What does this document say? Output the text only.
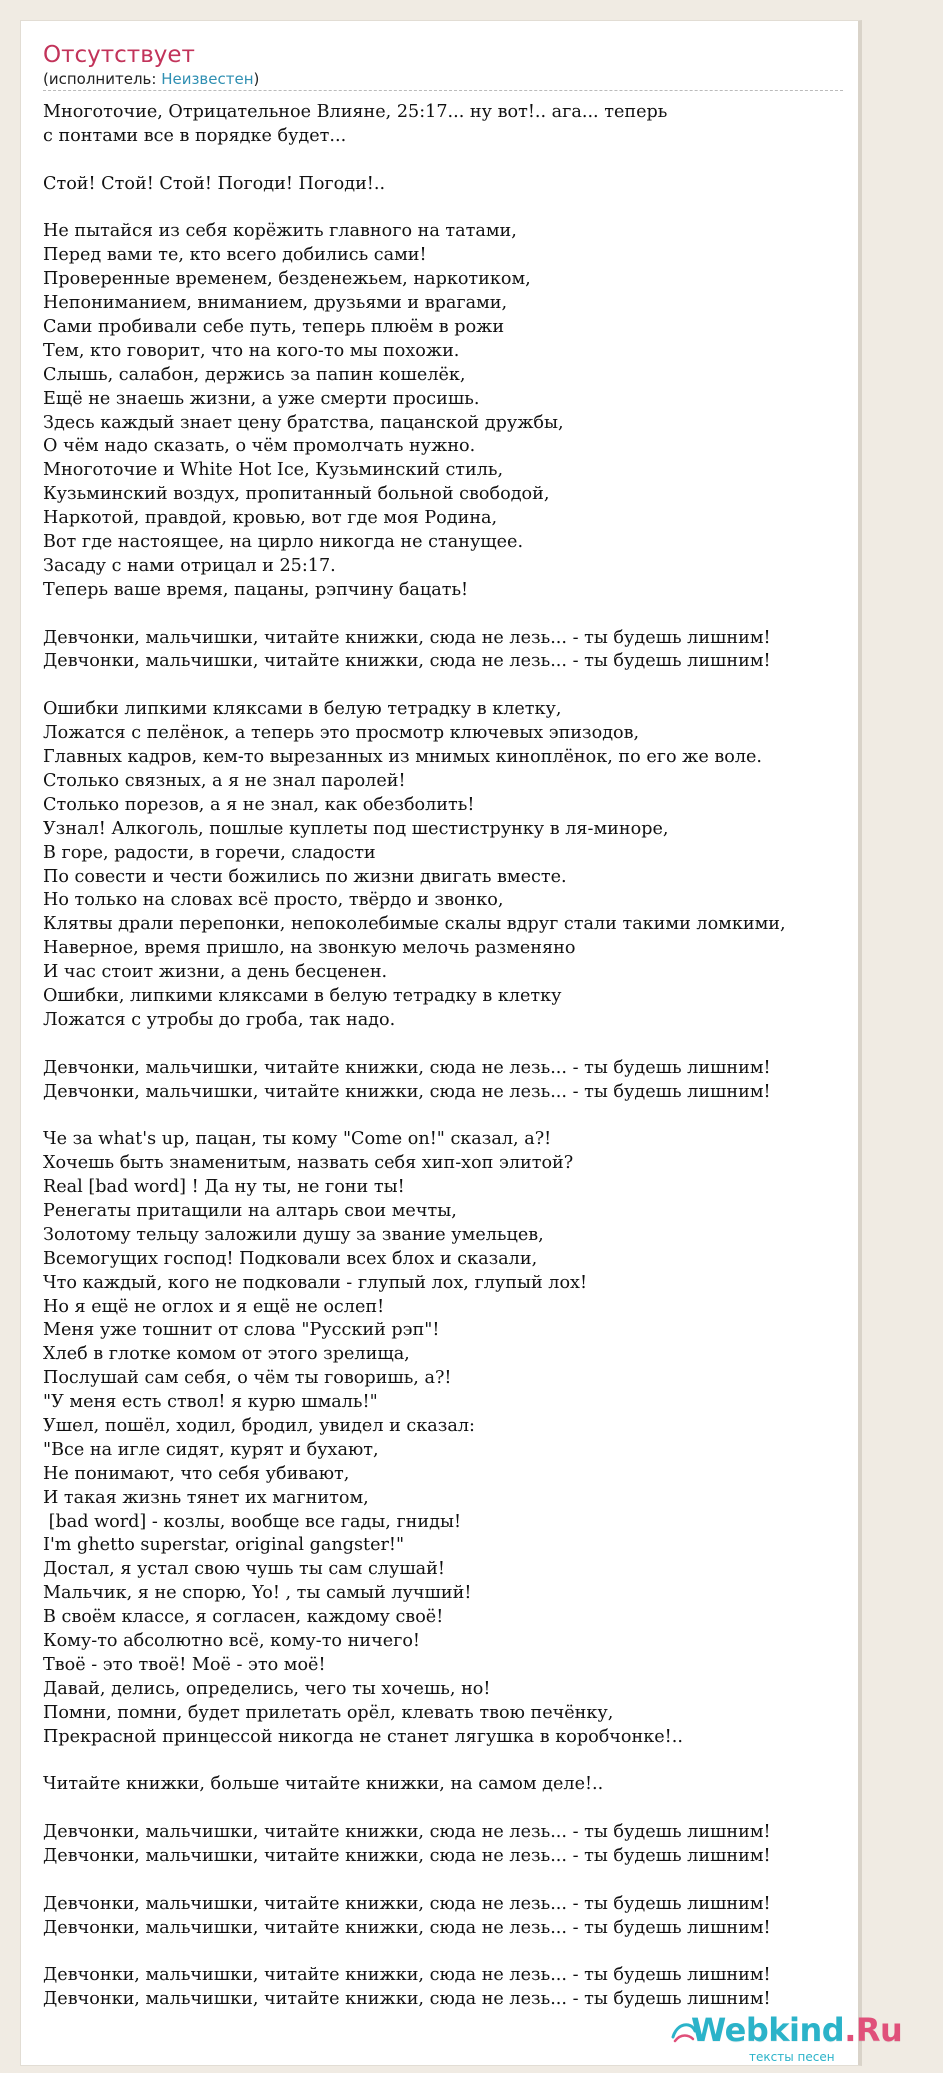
Отсутствует
(исполнитель: Неизвестен)
Многоточие, Отрицательное Влияне, 25:17... ну вот!.. ага... теперь
с понтами все в порядке будет...

Стой! Стой! Стой! Погоди! Погоди!..

Не пытайся из себя корёжить главного на татами,
Перед вами те, кто всего добились сами!
Проверенные временем, безденежьем, наркотиком,
Непониманием, вниманием, друзьями и врагами,
Сами пробивали себе путь, теперь плюём в рожи
Тем, кто говорит, что на кого-то мы похожи.
Слышь, салабон, держись за папин кошелёк,
Ещё не знаешь жизни, а уже смерти просишь.
Здесь каждый знает цену братства, пацанской дружбы,
О чём надо сказать, о чём промолчать нужно.
Многоточие и White Hot Ice, Кузьминский стиль,
Кузьминский воздух, пропитанный больной свободой,
Наркотой, правдой, кровью, вот где моя Родина,
Вот где настоящее, на цирло никогда не станущее.
Засаду с нами отрицал и 25:17.
Теперь ваше время, пацаны, рэпчину бацать!

Девчонки, мальчишки, читайте книжки, сюда не лезь... - ты будешь лишним!
Девчонки, мальчишки, читайте книжки, сюда не лезь... - ты будешь лишним!

Ошибки липкими кляксами в белую тетрадку в клетку,
Ложатся с пелёнок, а теперь это просмотр ключевых эпизодов,
Главных кадров, кем-то вырезанных из мнимых киноплёнок, по его же воле.
Столько связных, а я не знал паролей!
Столько порезов, а я не знал, как обезболить!
Узнал! Алкоголь, пошлые куплеты под шестиструнку в ля-миноре,
В горе, радости, в горечи, сладости
По совести и чести божились по жизни двигать вместе.
Но только на словах всё просто, твёрдо и звонко,
Клятвы драли перепонки, непоколебимые скалы вдруг стали такими ломкими,
Наверное, время пришло, на звонкую мелочь разменяно
И час стоит жизни, а день бесценен.
Ошибки, липкими кляксами в белую тетрадку в клетку
Ложатся с утробы до гроба, так надо.

Девчонки, мальчишки, читайте книжки, сюда не лезь... - ты будешь лишним!
Девчонки, мальчишки, читайте книжки, сюда не лезь... - ты будешь лишним!

Че за what's up, пацан, ты кому "Come on!" сказал, а?!
Хочешь быть знаменитым, назвать себя хип-хоп элитой?
Real [bad word] ! Да ну ты, не гони ты!
Ренегаты притащили на алтарь свои мечты,
Золотому тельцу заложили душу за звание умельцев,
Всемогущих господ! Подковали всех блох и сказали,
Что каждый, кого не подковали - глупый лох, глупый лох!
Но я ещё не оглох и я ещё не ослеп!
Меня уже тошнит от слова "Русский рэп"!
Хлеб в глотке комом от этого зрелища,
Послушай сам себя, о чём ты говоришь, а?!
"У меня есть ствол! я курю шмаль!"
Ушел, пошёл, ходил, бродил, увидел и сказал:
"Все на игле сидят, курят и бухают,
Не понимают, что себя убивают,
И такая жизнь тянет их магнитом,
[bad word] - козлы, вообще все гады, гниды!
I'm ghetto superstar, original gangster!"
Достал, я устал свою чушь ты сам слушай!
Мальчик, я не спорю, Yo! , ты самый лучший!
В своём классе, я согласен, каждому своё!
Кому-то абсолютно всё, кому-то ничего!
Твоё - это твоё! Моё - это моё!
Давай, делись, определись, чего ты хочешь, но!
Помни, помни, будет прилетать орёл, клевать твою печёнку,
Прекрасной принцессой никогда не станет лягушка в коробчонке!..

Читайте книжки, больше читайте книжки, на самом деле!..

Девчонки, мальчишки, читайте книжки, сюда не лезь... - ты будешь лишним!
Девчонки, мальчишки, читайте книжки, сюда не лезь... - ты будешь лишним!

Девчонки, мальчишки, читайте книжки, сюда не лезь... - ты будешь лишним!
Девчонки, мальчишки, читайте книжки, сюда не лезь... - ты будешь лишним!

Девчонки, мальчишки, читайте книжки, сюда не лезь... - ты будешь лишним!
Девчонки, мальчишки, читайте книжки, сюда не лезь... - ты будешь лишним!
Webkind.Ru
тексты песен
